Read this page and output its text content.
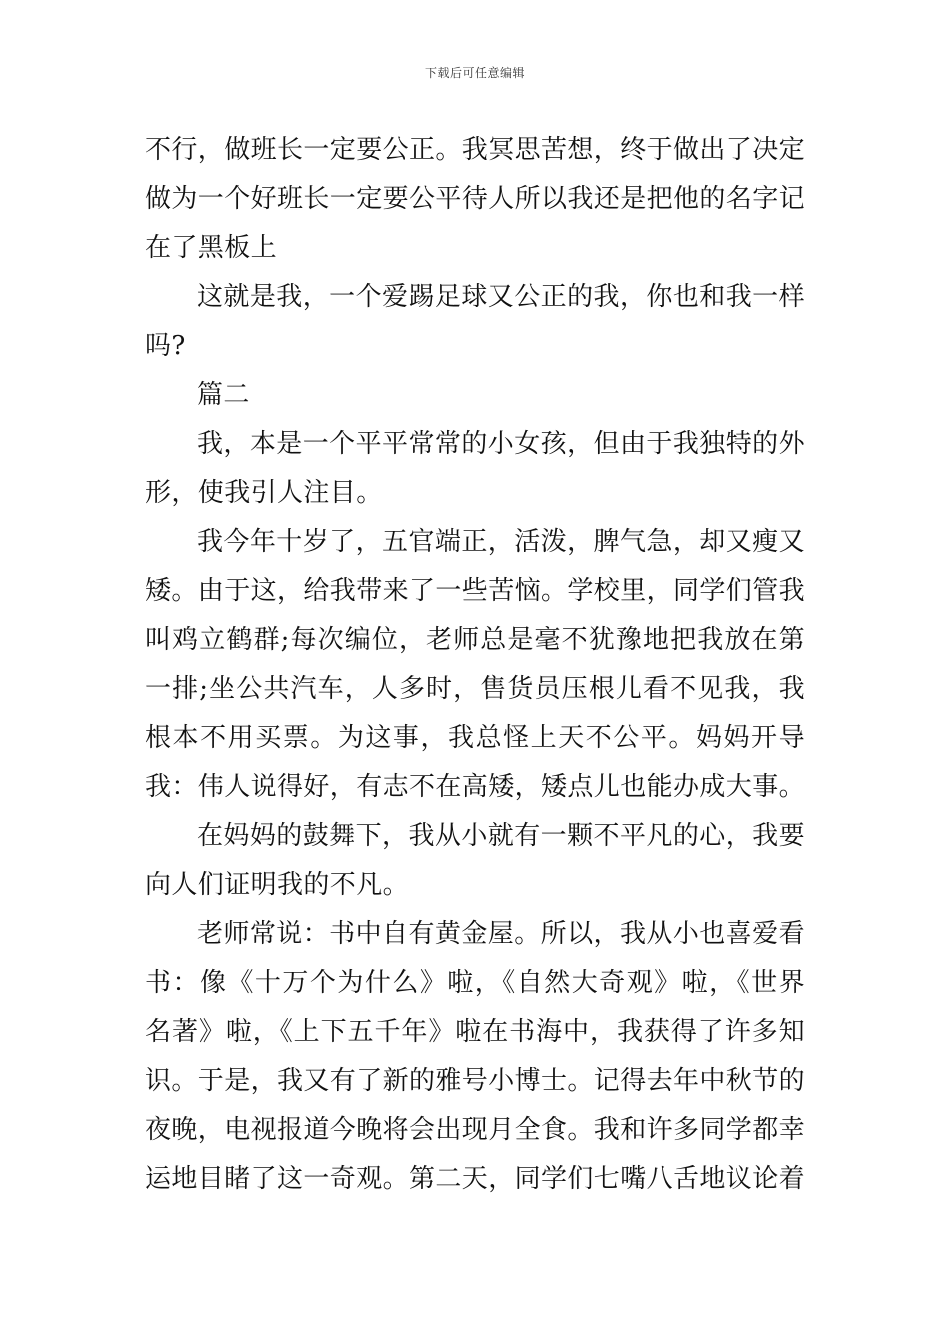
下载后可任意编辑

不行，做班长一定要公正。我冥思苦想，终于做出了决定做为一个好班长一定要公平待人所以我还是把他的名字记在了黑板上

这就是我，一个爱踢足球又公正的我，你也和我一样吗?

篇二

我，本是一个平平常常的小女孩，但由于我独特的外形，使我引人注目。

我今年十岁了，五官端正，活泼，脾气急，却又瘦又矮。由于这，给我带来了一些苦恼。学校里，同学们管我叫鸡立鹤群;每次编位，老师总是毫不犹豫地把我放在第一排;坐公共汽车，人多时，售货员压根儿看不见我，我根本不用买票。为这事，我总怪上天不公平。妈妈开导我：伟人说得好，有志不在高矮，矮点儿也能办成大事。

在妈妈的鼓舞下，我从小就有一颗不平凡的心，我要向人们证明我的不凡。

老师常说：书中自有黄金屋。所以，我从小也喜爱看书：像《十万个为什么》啦，《自然大奇观》啦，《世界名著》啦，《上下五千年》啦在书海中，我获得了许多知识。于是，我又有了新的雅号小博士。记得去年中秋节的夜晚，电视报道今晚将会出现月全食。我和许多同学都幸运地目睹了这一奇观。第二天，同学们七嘴八舌地议论着
